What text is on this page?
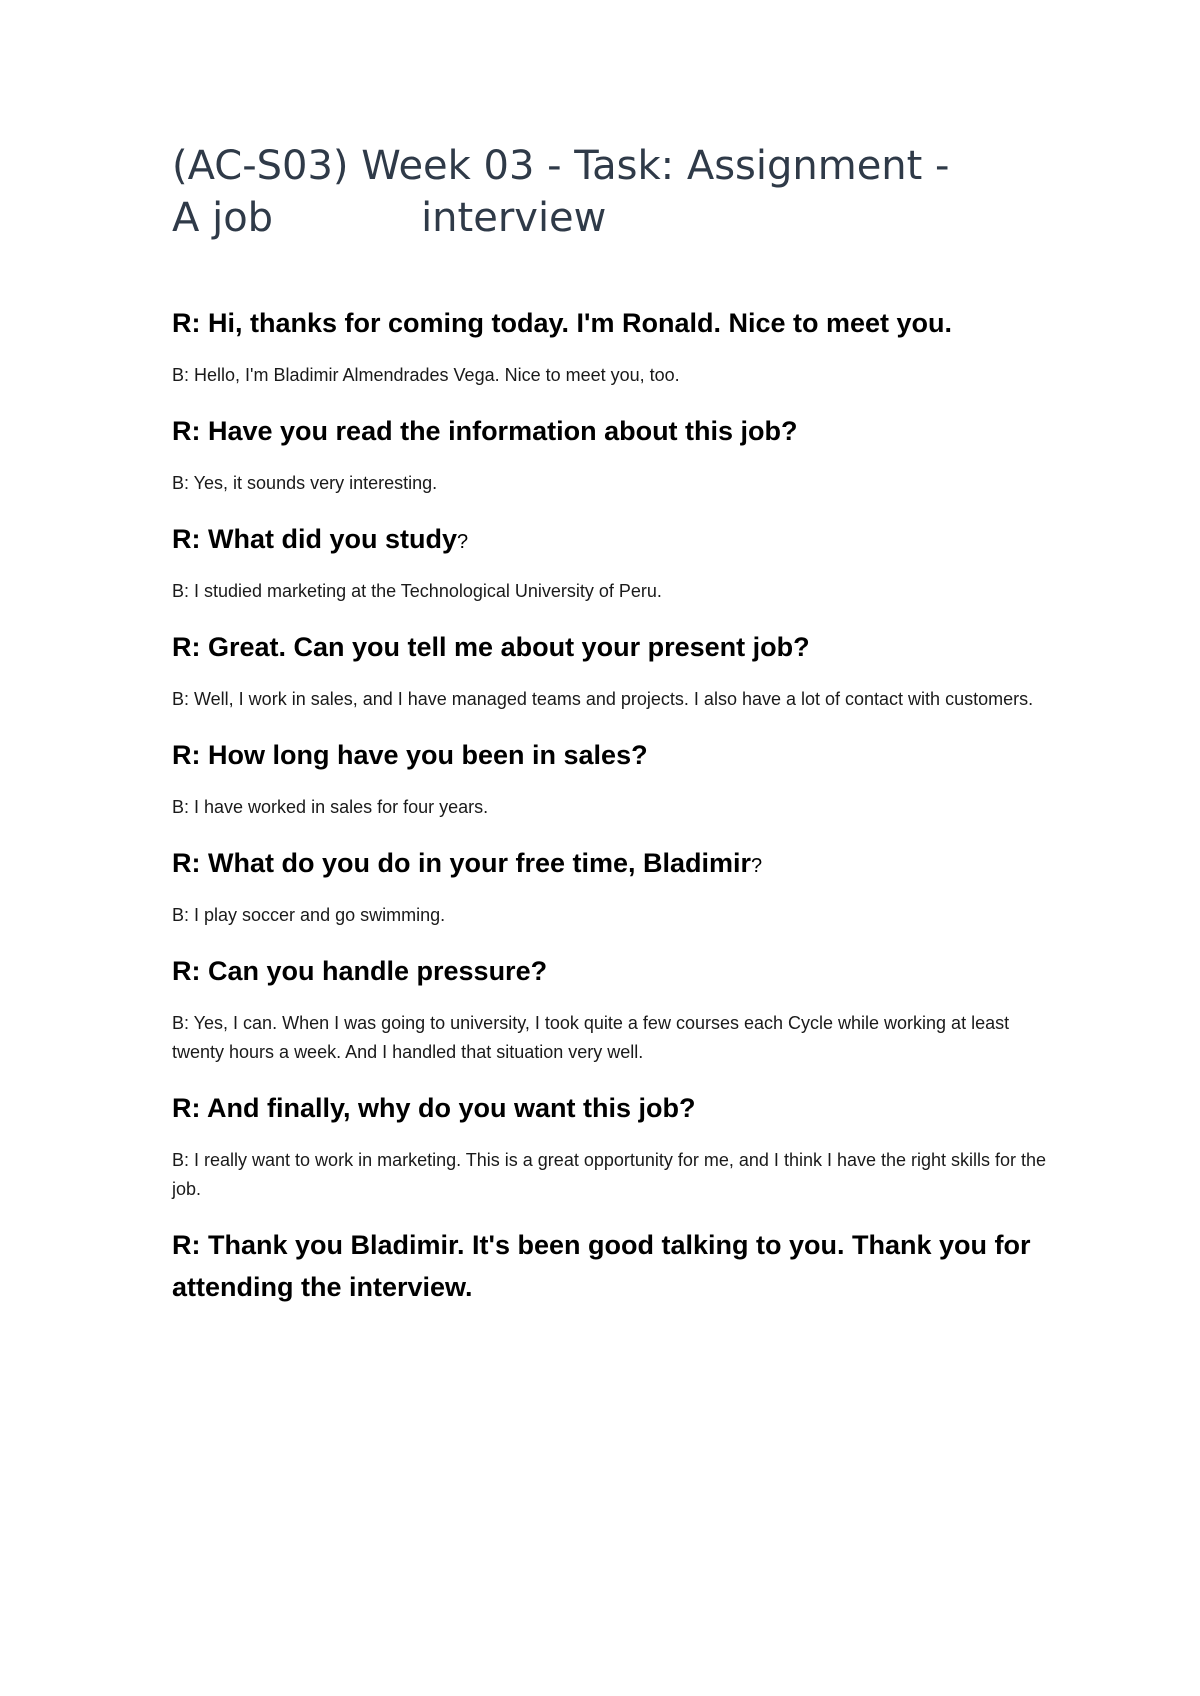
(AC-S03) Week 03 - Task: Assignment -
A job	interview

R: Hi, thanks for coming today. I'm Ronald. Nice to meet you.

B: Hello, I'm Bladimir Almendrades Vega. Nice to meet you, too.

R: Have you read the information about this job?

B: Yes, it sounds very interesting.

R: What did you study?

B: I studied marketing at the Technological University of Peru.

R: Great. Can you tell me about your present job?

B: Well, I work in sales, and I have managed teams and projects. I also have a lot of contact with customers.

R: How long have you been in sales?

B: I have worked in sales for four years.

R: What do you do in your free time, Bladimir?

B: I play soccer and go swimming.

R: Can you handle pressure?

B: Yes, I can. When I was going to university, I took quite a few courses each Cycle while working at least twenty hours a week. And I handled that situation very well.

R: And finally, why do you want this job?

B: I really want to work in marketing. This is a great opportunity for me, and I think I have the right skills for the job.

R: Thank you Bladimir. It's been good talking to you. Thank you for attending the interview.
